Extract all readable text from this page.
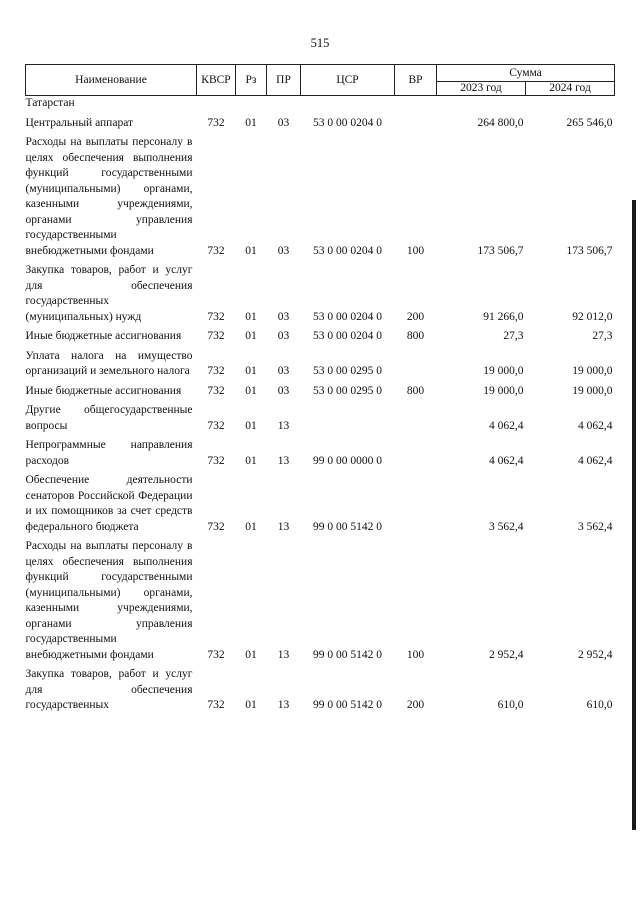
515
Наименование	КВСР	Рз	ПР	ЦСР	ВР	Сумма	
						2023 год	2024 год
Татарстан							
Центральный аппарат	732	01	03	53 0 00 0204 0		264 800,0	265 546,0
Расходы на выплаты персоналу в целях обеспечения выполнения функций государственными (муниципальными) органами, казенными учреждениями, органами управления государственными внебюджетными фондами	732	01	03	53 0 00 0204 0	100	173 506,7	173 506,7
Закупка товаров, работ и услуг для обеспечения государственных (муниципальных) нужд	732	01	03	53 0 00 0204 0	200	91 266,0	92 012,0
Иные бюджетные ассигнования	732	01	03	53 0 00 0204 0	800	27,3	27,3
Уплата налога на имущество организаций и земельного налога	732	01	03	53 0 00 0295 0		19 000,0	19 000,0
Иные бюджетные ассигнования	732	01	03	53 0 00 0295 0	800	19 000,0	19 000,0
Другие общегосударственные вопросы	732	01	13			4 062,4	4 062,4
Непрограммные направления расходов	732	01	13	99 0 00 0000 0		4 062,4	4 062,4
Обеспечение деятельности сенаторов Российской Федерации и их помощников за счет средств федерального бюджета	732	01	13	99 0 00 5142 0		3 562,4	3 562,4
Расходы на выплаты персоналу в целях обеспечения выполнения функций государственными (муниципальными) органами, казенными учреждениями, органами управления государственными внебюджетными фондами	732	01	13	99 0 00 5142 0	100	2 952,4	2 952,4
Закупка товаров, работ и услуг для обеспечения государственных	732	01	13	99 0 00 5142 0	200	610,0	610,0
